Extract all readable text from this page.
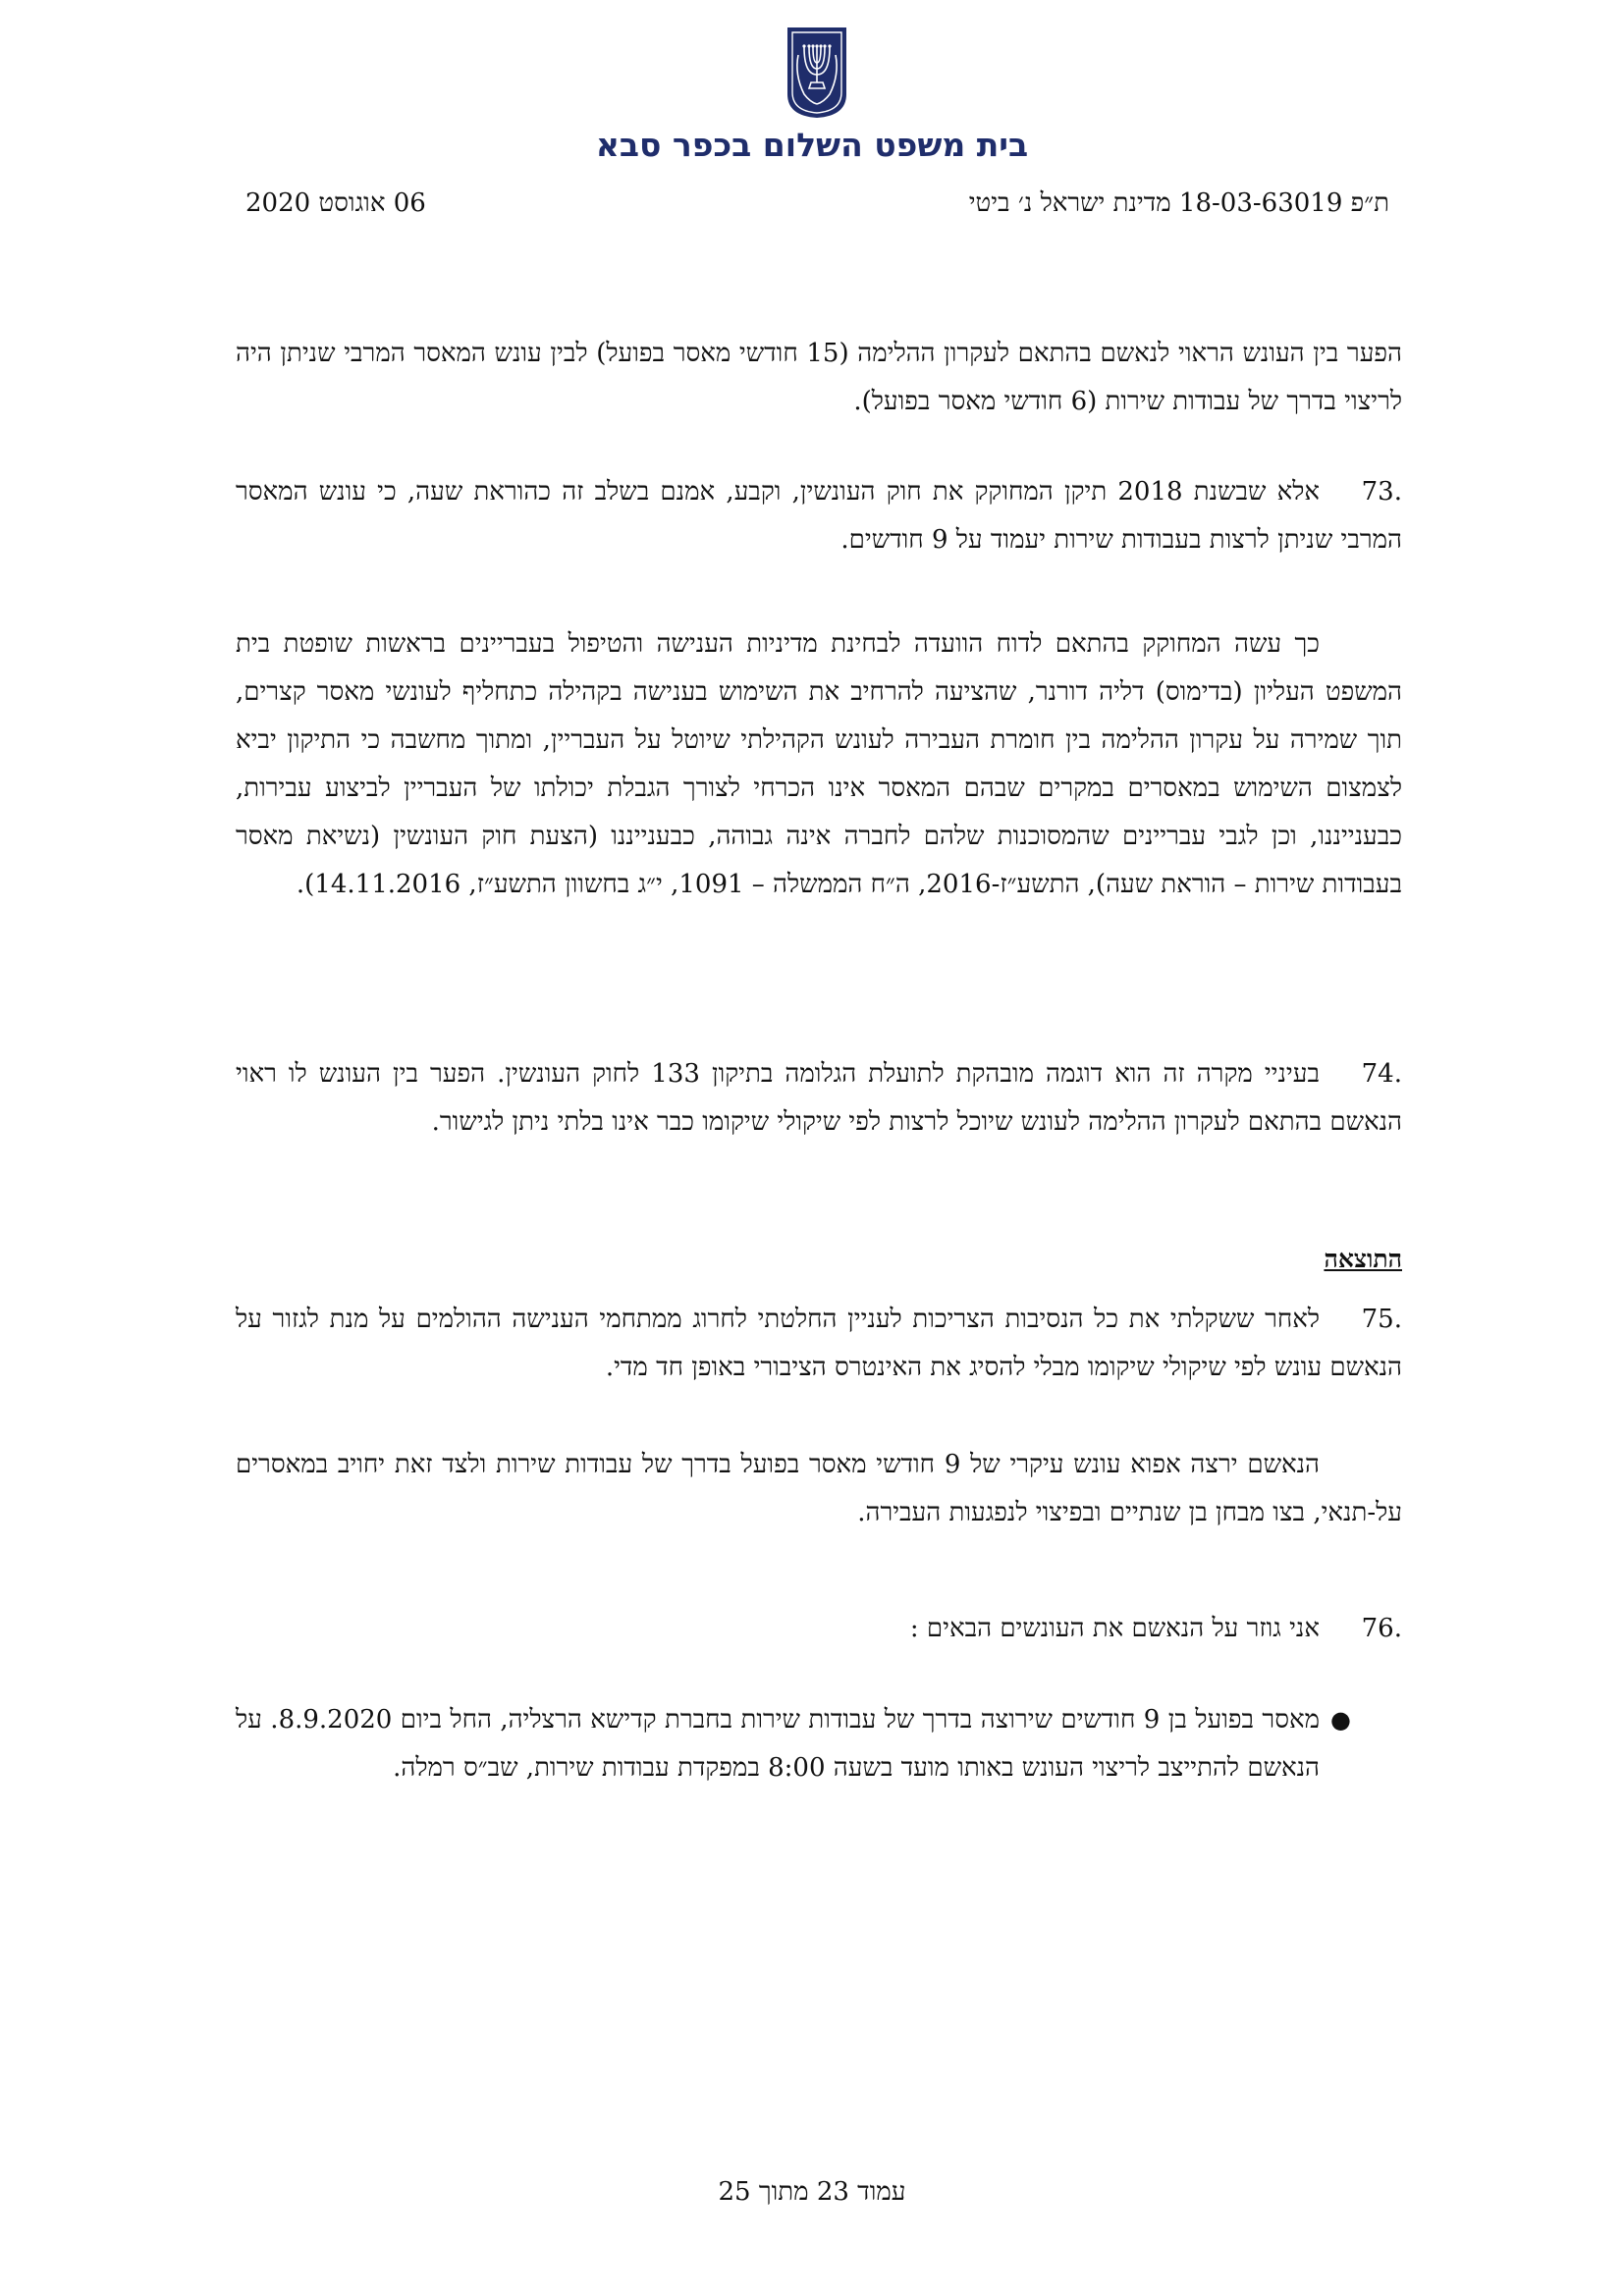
בית משפט השלום בכפר סבא
ת״פ 18-03-63019 מדינת ישראל נ׳ ביטי
06 אוגוסט 2020
הפער בין העונש הראוי לנאשם בהתאם לעקרון ההלימה (15 חודשי מאסר בפועל) לבין עונש המאסר המרבי שניתן היה לריצוי בדרך של עבודות שירות (6 חודשי מאסר בפועל).
.73אלא שבשנת 2018 תיקן המחוקק את חוק העונשין, וקבע, אמנם בשלב זה כהוראת שעה, כי עונש המאסר המרבי שניתן לרצות בעבודות שירות יעמוד על 9 חודשים.
כך עשה המחוקק בהתאם לדוח הוועדה לבחינת מדיניות הענישה והטיפול בעבריינים בראשות שופטת בית המשפט העליון (בדימוס) דליה דורנר, שהציעה להרחיב את השימוש בענישה בקהילה כתחליף לעונשי מאסר קצרים, תוך שמירה על עקרון ההלימה בין חומרת העבירה לעונש הקהילתי שיוטל על העבריין, ומתוך מחשבה כי התיקון יביא לצמצום השימוש במאסרים במקרים שבהם המאסר אינו הכרחי לצורך הגבלת יכולתו של העבריין לביצוע עבירות, כבענייננו, וכן לגבי עבריינים שהמסוכנות שלהם לחברה אינה גבוהה, כבענייננו (הצעת חוק העונשין (נשיאת מאסר בעבודות שירות – הוראת שעה), התשע״ז-2016, ה״ח הממשלה – 1091, י״ג בחשוון התשע״ז, 14.11.2016).
.74בעיניי מקרה זה הוא דוגמה מובהקת לתועלת הגלומה בתיקון 133 לחוק העונשין. הפער בין העונש לו ראוי הנאשם בהתאם לעקרון ההלימה לעונש שיוכל לרצות לפי שיקולי שיקומו כבר אינו בלתי ניתן לגישור.
התוצאה
.75לאחר ששקלתי את כל הנסיבות הצריכות לעניין החלטתי לחרוג ממתחמי הענישה ההולמים על מנת לגזור על הנאשם עונש לפי שיקולי שיקומו מבלי להסיג את האינטרס הציבורי באופן חד מדי.
הנאשם ירצה אפוא עונש עיקרי של 9 חודשי מאסר בפועל בדרך של עבודות שירות ולצד זאת יחויב במאסרים על-תנאי, בצו מבחן בן שנתיים ובפיצוי לנפגעות העבירה.
.76אני גוזר על הנאשם את העונשים הבאים :
●
מאסר בפועל בן 9 חודשים שירוצה בדרך של עבודות שירות בחברת קדישא הרצליה, החל ביום 8.9.2020. על הנאשם להתייצב לריצוי העונש באותו מועד בשעה 8:00 במפקדת עבודות שירות, שב״ס רמלה.
עמוד 23 מתוך 25
